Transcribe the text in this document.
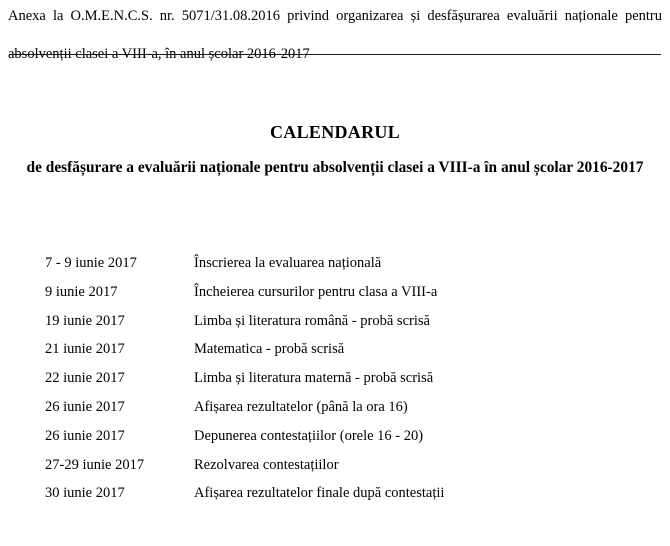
Anexa la O.M.E.N.C.S. nr. 5071/31.08.2016 privind organizarea și desfășurarea evaluării naționale pentru
absolvenții clasei a VIII-a, în anul școlar 2016-2017
CALENDARUL
de desfășurare a evaluării naționale pentru absolvenții clasei a VIII-a în anul școlar 2016-2017
7 - 9 iunie 2017	Înscrierea la evaluarea națională
9 iunie 2017	Încheierea cursurilor pentru clasa a VIII-a
19 iunie 2017	Limba și literatura română - probă scrisă
21 iunie 2017	Matematica - probă scrisă
22 iunie 2017	Limba și literatura maternă - probă scrisă
26 iunie 2017	Afișarea rezultatelor (până la ora 16)
26 iunie 2017	Depunerea contestațiilor (orele 16 - 20)
27-29 iunie 2017	Rezolvarea contestațiilor
30 iunie 2017	Afișarea rezultatelor finale după contestații
